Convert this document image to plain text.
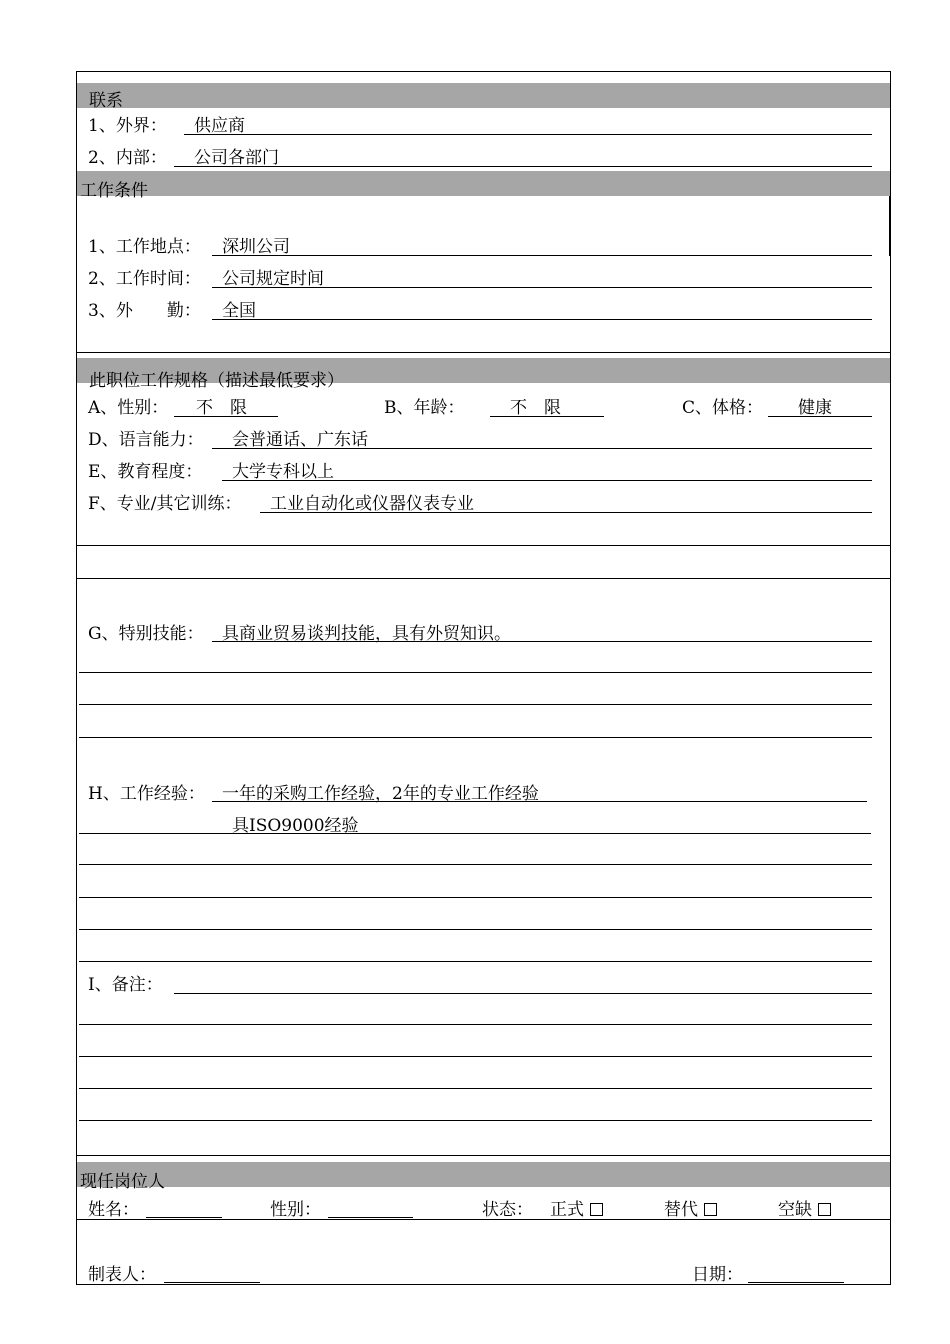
联系
1、外界： 供应商
2、内部： 公司各部门
工作条件
1、工作地点： 深圳公司
2、工作时间： 公司规定时间
3、外　　勤： 全国
此职位工作规格（描述最低要求）
A、性别： 不　限	B、年龄：	不　限	C、体格： 健康
D、语言能力： 会普通话、广东话
E、教育程度： 大学专科以上
F、专业/其它训练： 工业自动化或仪器仪表专业
G、特别技能： 具商业贸易谈判技能，具有外贸知识。
H、工作经验： 一年的采购工作经验，2年的专业工作经验
具ISO9000经验
I、备注：
现任岗位人
姓名：	性别：	状态： 正式	替代	空缺
制表人：	日期：
